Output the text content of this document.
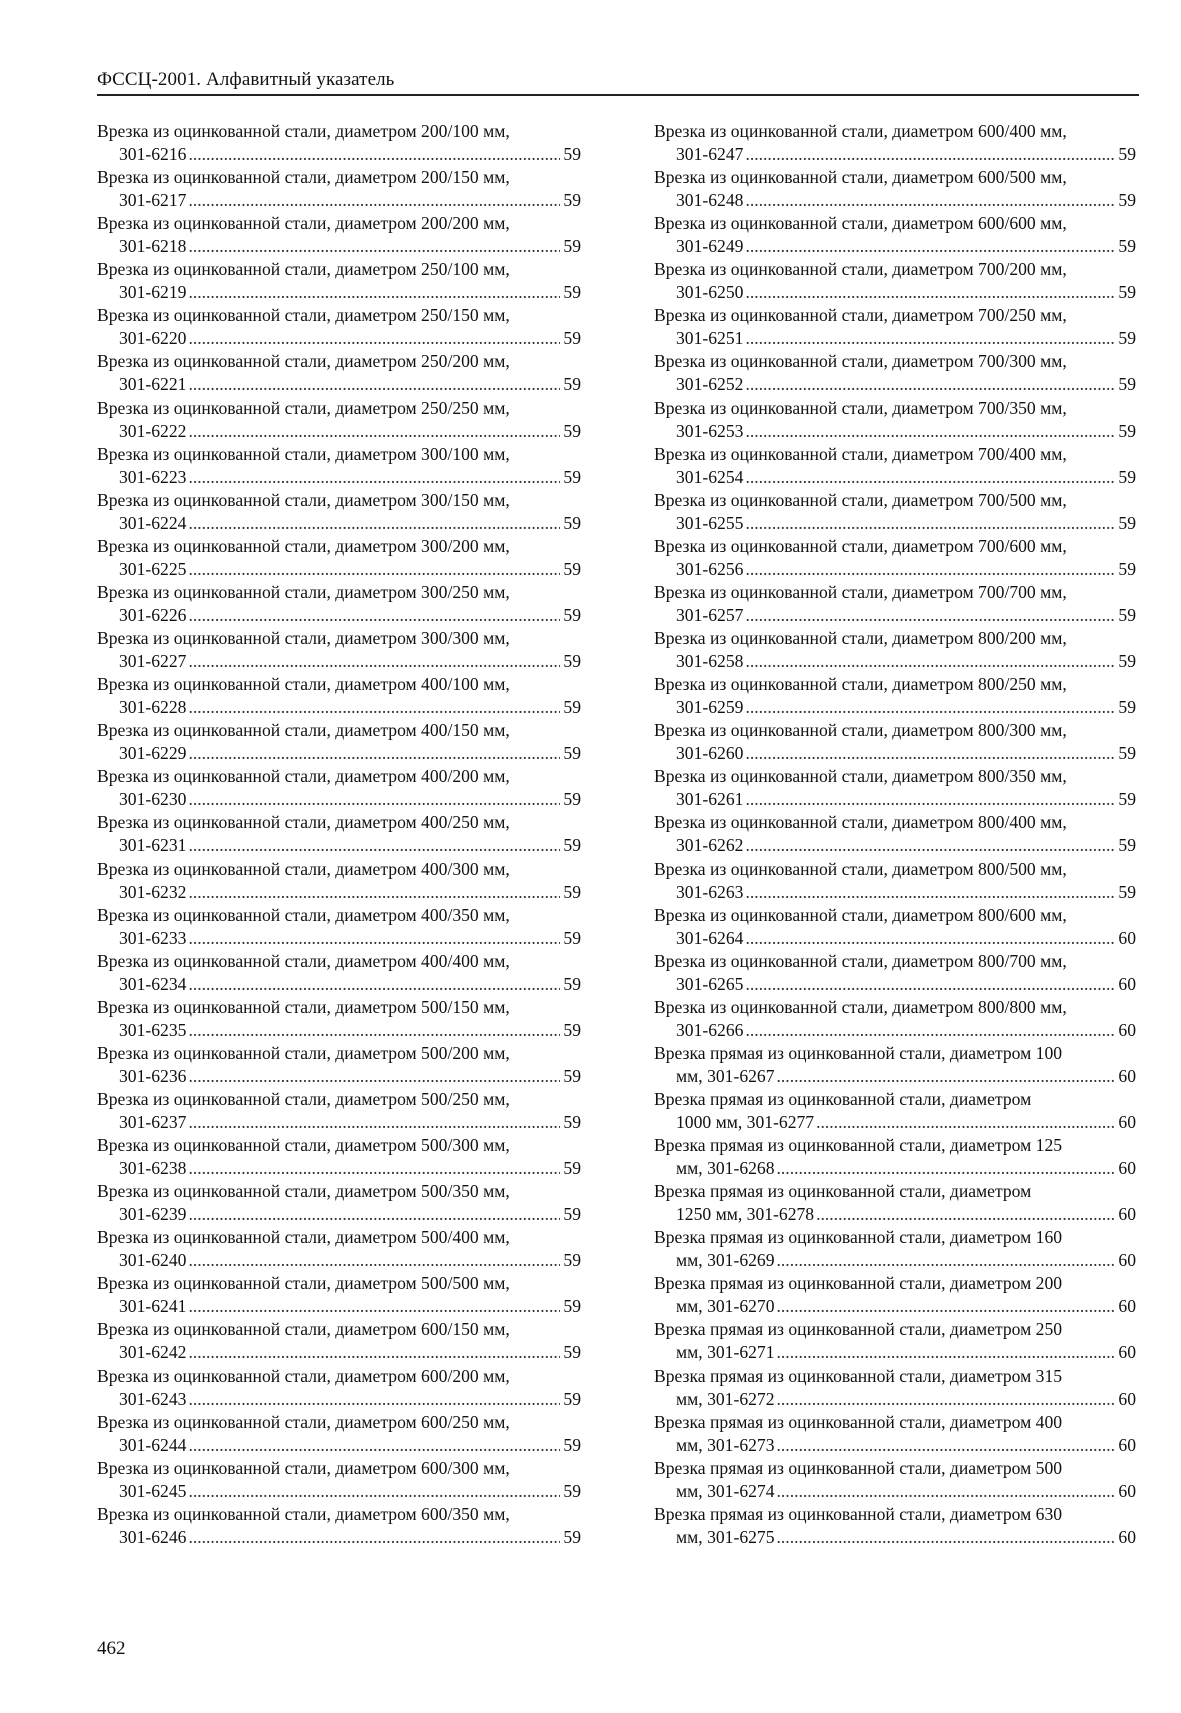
ФССЦ-2001. Алфавитный указатель
Врезка из оцинкованной стали, диаметром 200/100 мм,
301-6216 . . .	59
Врезка из оцинкованной стали, диаметром 200/150 мм,
301-6217 . . .	59
Врезка из оцинкованной стали, диаметром 200/200 мм,
301-6218 . . .	59
Врезка из оцинкованной стали, диаметром 250/100 мм,
301-6219 . . .	59
Врезка из оцинкованной стали, диаметром 250/150 мм,
301-6220 . . .	59
Врезка из оцинкованной стали, диаметром 250/200 мм,
301-6221 . . .	59
Врезка из оцинкованной стали, диаметром 250/250 мм,
301-6222 . . .	59
Врезка из оцинкованной стали, диаметром 300/100 мм,
301-6223 . . .	59
Врезка из оцинкованной стали, диаметром 300/150 мм,
301-6224 . . .	59
Врезка из оцинкованной стали, диаметром 300/200 мм,
301-6225 . . .	59
Врезка из оцинкованной стали, диаметром 300/250 мм,
301-6226 . . .	59
Врезка из оцинкованной стали, диаметром 300/300 мм,
301-6227 . . .	59
Врезка из оцинкованной стали, диаметром 400/100 мм,
301-6228 . . .	59
Врезка из оцинкованной стали, диаметром 400/150 мм,
301-6229 . . .	59
Врезка из оцинкованной стали, диаметром 400/200 мм,
301-6230 . . .	59
Врезка из оцинкованной стали, диаметром 400/250 мм,
301-6231 . . .	59
Врезка из оцинкованной стали, диаметром 400/300 мм,
301-6232 . . .	59
Врезка из оцинкованной стали, диаметром 400/350 мм,
301-6233 . . .	59
Врезка из оцинкованной стали, диаметром 400/400 мм,
301-6234 . . .	59
Врезка из оцинкованной стали, диаметром 500/150 мм,
301-6235 . . .	59
Врезка из оцинкованной стали, диаметром 500/200 мм,
301-6236 . . .	59
Врезка из оцинкованной стали, диаметром 500/250 мм,
301-6237 . . .	59
Врезка из оцинкованной стали, диаметром 500/300 мм,
301-6238 . . .	59
Врезка из оцинкованной стали, диаметром 500/350 мм,
301-6239 . . .	59
Врезка из оцинкованной стали, диаметром 500/400 мм,
301-6240 . . .	59
Врезка из оцинкованной стали, диаметром 500/500 мм,
301-6241 . . .	59
Врезка из оцинкованной стали, диаметром 600/150 мм,
301-6242 . . .	59
Врезка из оцинкованной стали, диаметром 600/200 мм,
301-6243 . . .	59
Врезка из оцинкованной стали, диаметром 600/250 мм,
301-6244 . . .	59
Врезка из оцинкованной стали, диаметром 600/300 мм,
301-6245 . . .	59
Врезка из оцинкованной стали, диаметром 600/350 мм,
301-6246 . . .	59
Врезка из оцинкованной стали, диаметром 600/400 мм,
301-6247 . . .	59
Врезка из оцинкованной стали, диаметром 600/500 мм,
301-6248 . . .	59
Врезка из оцинкованной стали, диаметром 600/600 мм,
301-6249 . . .	59
Врезка из оцинкованной стали, диаметром 700/200 мм,
301-6250 . . .	59
Врезка из оцинкованной стали, диаметром 700/250 мм,
301-6251 . . .	59
Врезка из оцинкованной стали, диаметром 700/300 мм,
301-6252 . . .	59
Врезка из оцинкованной стали, диаметром 700/350 мм,
301-6253 . . .	59
Врезка из оцинкованной стали, диаметром 700/400 мм,
301-6254 . . .	59
Врезка из оцинкованной стали, диаметром 700/500 мм,
301-6255 . . .	59
Врезка из оцинкованной стали, диаметром 700/600 мм,
301-6256 . . .	59
Врезка из оцинкованной стали, диаметром 700/700 мм,
301-6257 . . .	59
Врезка из оцинкованной стали, диаметром 800/200 мм,
301-6258 . . .	59
Врезка из оцинкованной стали, диаметром 800/250 мм,
301-6259 . . .	59
Врезка из оцинкованной стали, диаметром 800/300 мм,
301-6260 . . .	59
Врезка из оцинкованной стали, диаметром 800/350 мм,
301-6261 . . .	59
Врезка из оцинкованной стали, диаметром 800/400 мм,
301-6262 . . .	59
Врезка из оцинкованной стали, диаметром 800/500 мм,
301-6263 . . .	59
Врезка из оцинкованной стали, диаметром 800/600 мм,
301-6264 . . .	60
Врезка из оцинкованной стали, диаметром 800/700 мм,
301-6265 . . .	60
Врезка из оцинкованной стали, диаметром 800/800 мм,
301-6266 . . .	60
Врезка прямая из оцинкованной стали, диаметром 100
мм, 301-6267 . . .	60
Врезка прямая из оцинкованной стали, диаметром
1000 мм, 301-6277 . . .	60
Врезка прямая из оцинкованной стали, диаметром 125
мм, 301-6268 . . .	60
Врезка прямая из оцинкованной стали, диаметром
1250 мм, 301-6278 . . .	60
Врезка прямая из оцинкованной стали, диаметром 160
мм, 301-6269 . . .	60
Врезка прямая из оцинкованной стали, диаметром 200
мм, 301-6270 . . .	60
Врезка прямая из оцинкованной стали, диаметром 250
мм, 301-6271 . . .	60
Врезка прямая из оцинкованной стали, диаметром 315
мм, 301-6272 . . .	60
Врезка прямая из оцинкованной стали, диаметром 400
мм, 301-6273 . . .	60
Врезка прямая из оцинкованной стали, диаметром 500
мм, 301-6274 . . .	60
Врезка прямая из оцинкованной стали, диаметром 630
мм, 301-6275 . . .	60
462
